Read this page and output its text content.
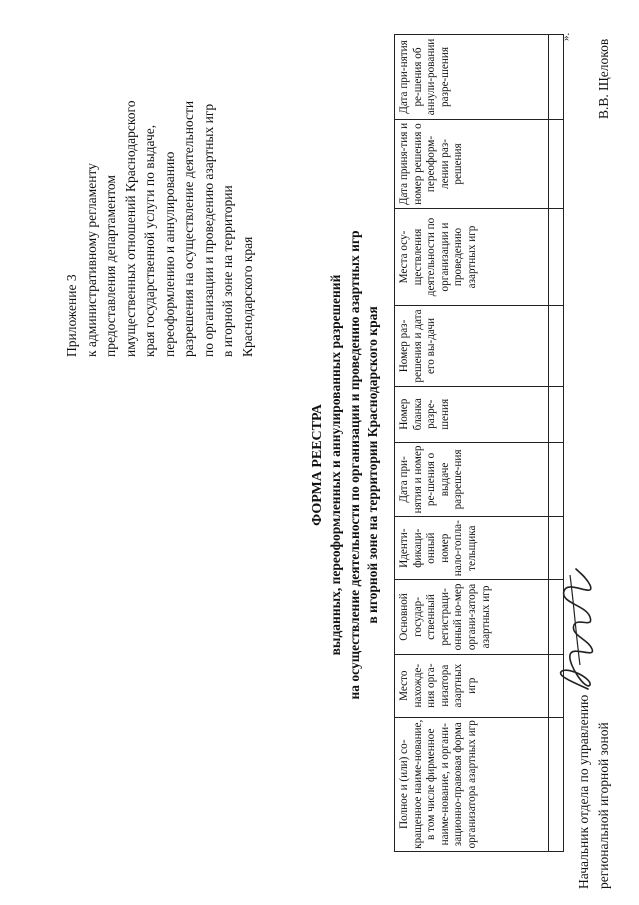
Приложение 3 к административному регламенту предоставления департаментом имущественных отношений Краснодарского края государственной услуги по выдаче, переоформлению и аннулированию разрешения на осуществление деятельности по организации и проведению азартных игр в игорной зоне на территории Краснодарского края
ФОРМА РЕЕСТРА выданных, переоформленных и аннулированных разрешений на осуществление деятельности по организации и проведению азартных игр в игорной зоне на территории Краснодарского края
Полное и (или) со-кращенное наиме-нование, в том числе фирменное наиме-нование, и органи-зационно-правовая форма организатора азартных игр	Место нахожде-ния орга-низатора азартных игр	Основной государ-ственный регистраци-онный но-мер органи-затора азартных игр	Иденти-фикаци-онный номер нало-гопла-тельщика	Дата при-нятия и номер ре-шения о выдаче разреше-ния	Номер бланка разре-шения	Номер раз-решения и дата его вы-дачи	Места осу-ществления деятельности по организации и проведению азартных игр	Дата приня-тия и номер решения о переоформ-лении раз-решения	Дата при-нятия ре-шения об аннули-ровании разре-шения

».
Начальник отдела по управлению региональной игорной зоной
В.В. Щелоков
